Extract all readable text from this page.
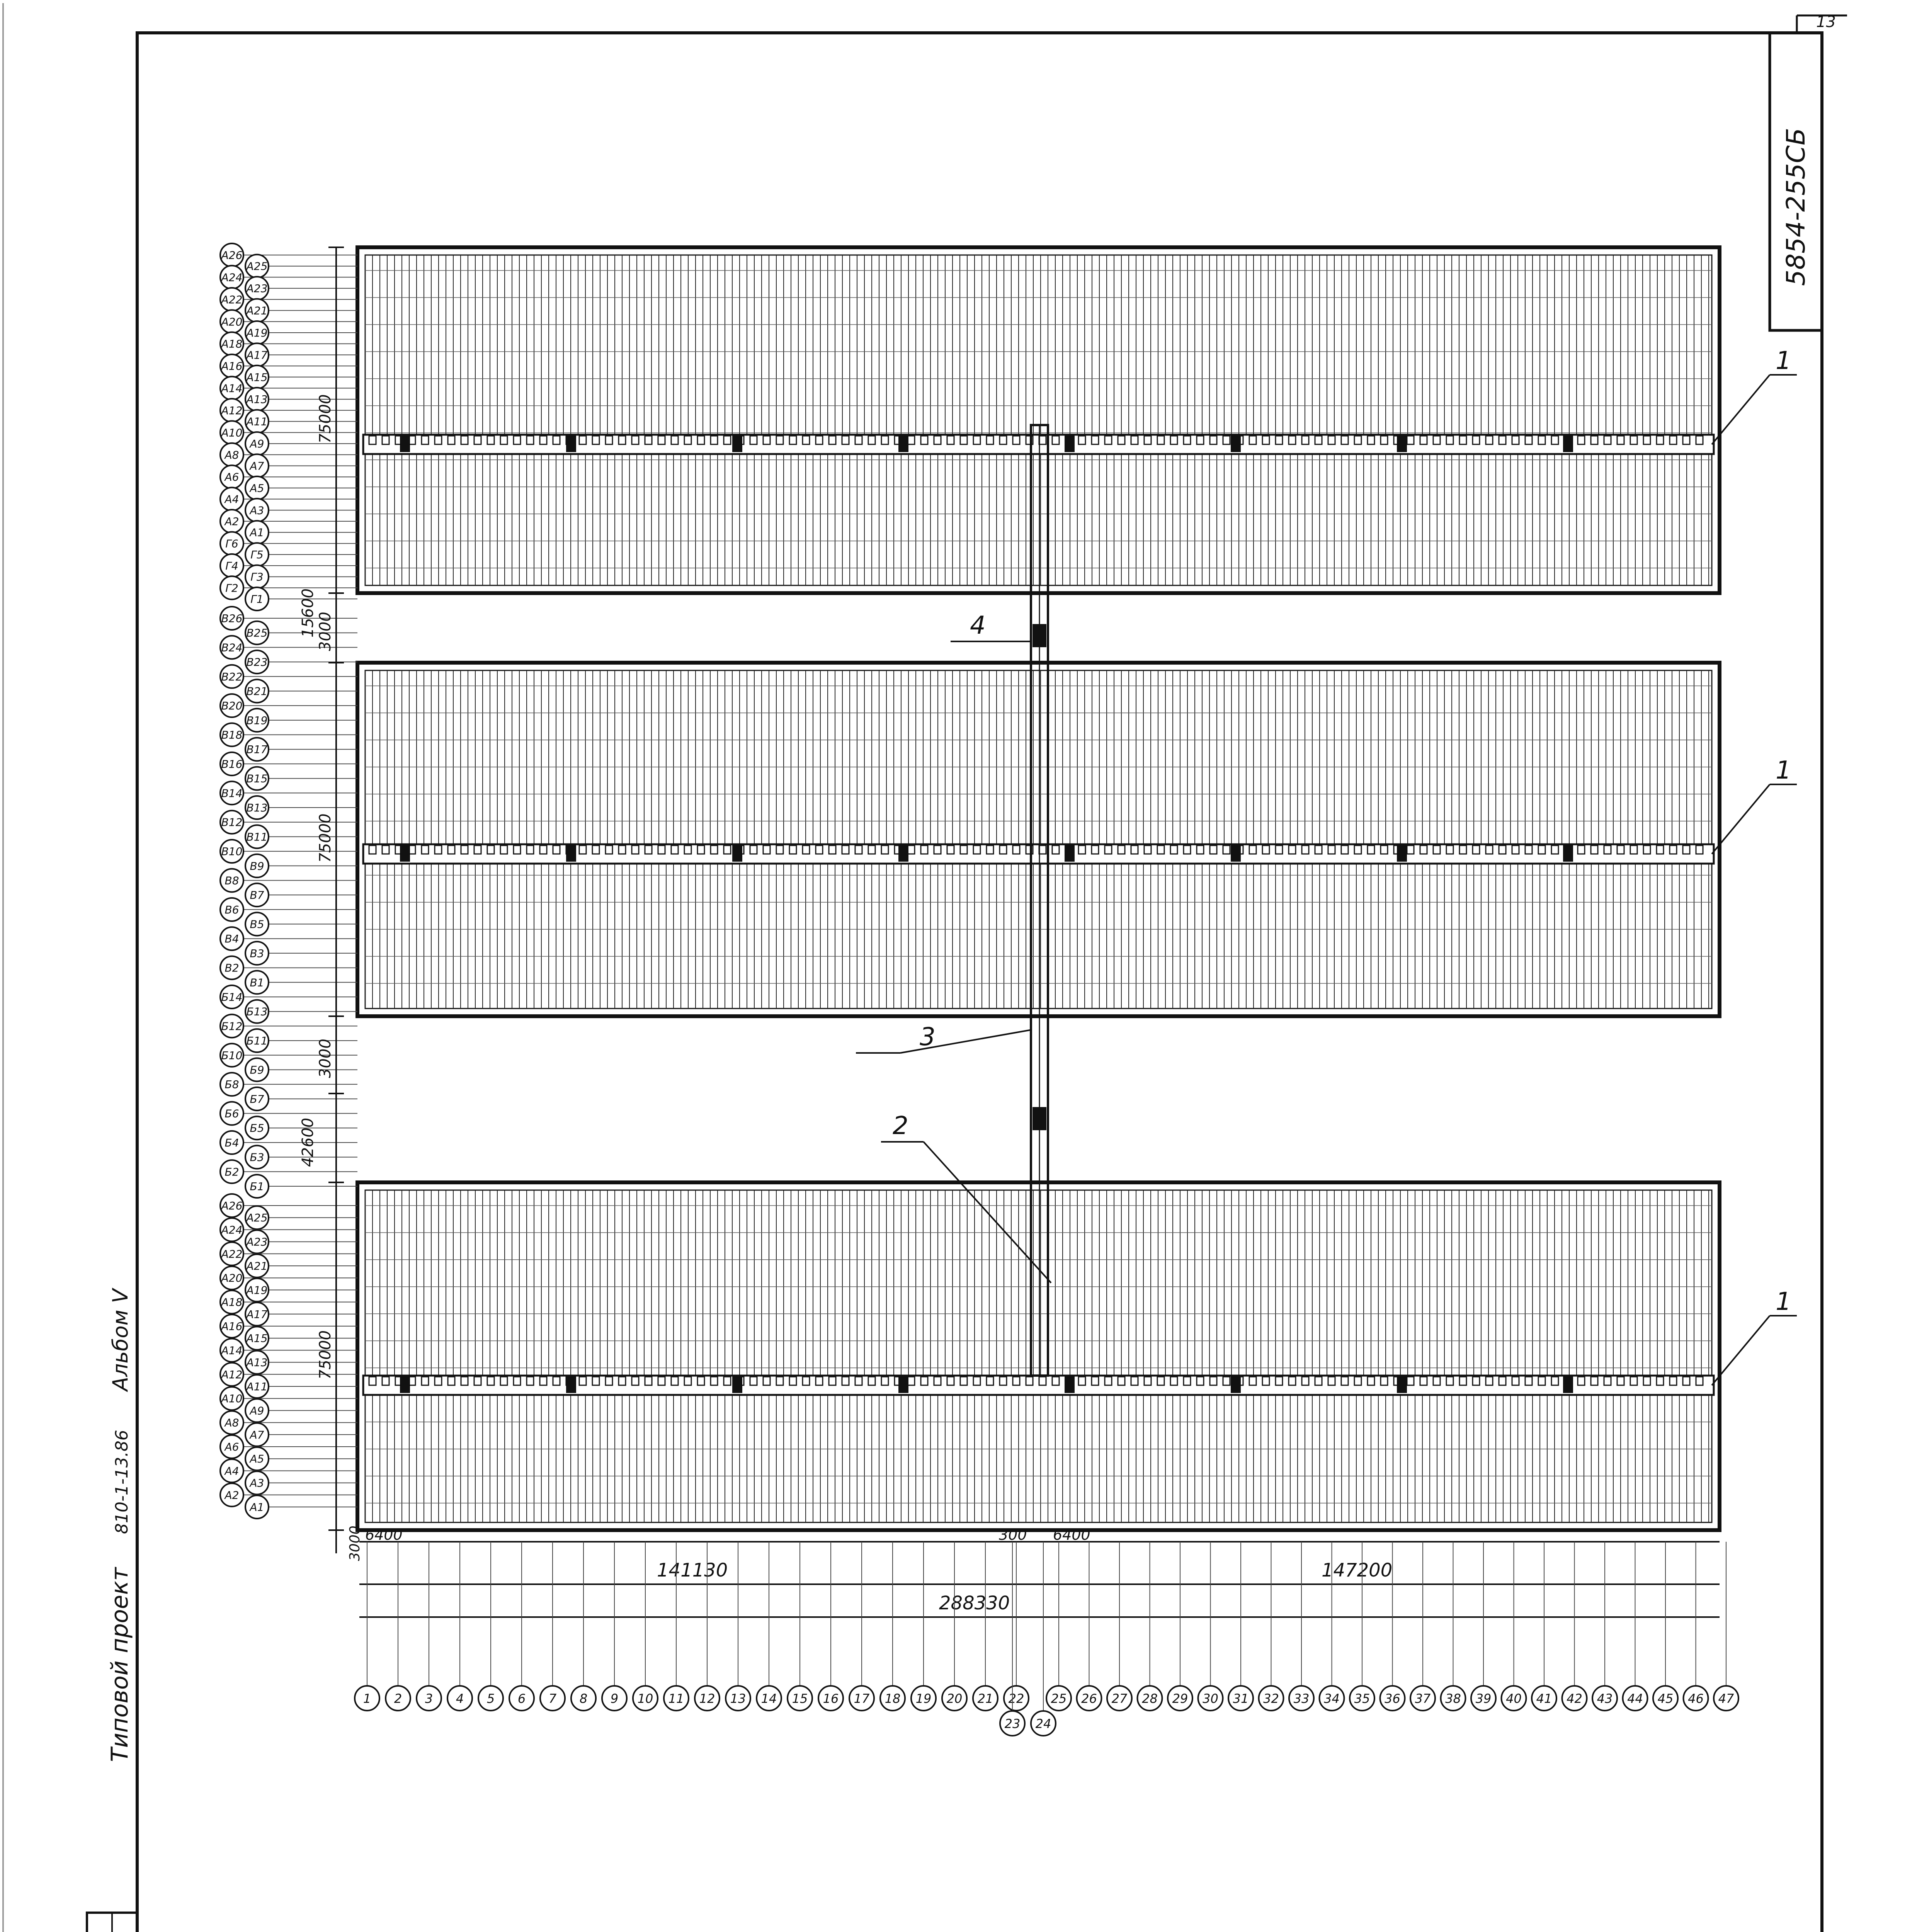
13
5854-255СБ
Типовой проект
810-1-13.86
Альбом V
1
1
1
2
3
4
А26
А25
А24
А23
А22
А21
А20
А19
А18
А17
А16
А15
А14
А13
А12
А11
А10
А9
А8
А7
А6
А5
А4
А3
А2
А1
Г6
Г5
Г4
Г3
Г2
Г1
В26
В25
В24
В23
В22
В21
В20
В19
В18
В17
В16
В15
В14
В13
В12
В11
В10
В9
В8
В7
В6
В5
В4
В3
В2
В1
Б14
Б13
Б12
Б11
Б10
Б9
Б8
Б7
Б6
Б5
Б4
Б3
Б2
Б1
А26
А25
А24
А23
А22
А21
А20
А19
А18
А17
А16
А15
А14
А13
А12
А11
А10
А9
А8
А7
А6
А5
А4
А3
А2
А1
75000
3000
75000
3000
75000
15600
42600
3000 6400
141130
300 6400
147200
288330
1 2 3 4 5 6 7 8 9 10 11 12 13 14 15 16 17 18 19 20 21 22
23 24
25 26 27 28 29 30 31 32 33 34 35 36 37 38 39 40 41 42 43 44 45 46 47
